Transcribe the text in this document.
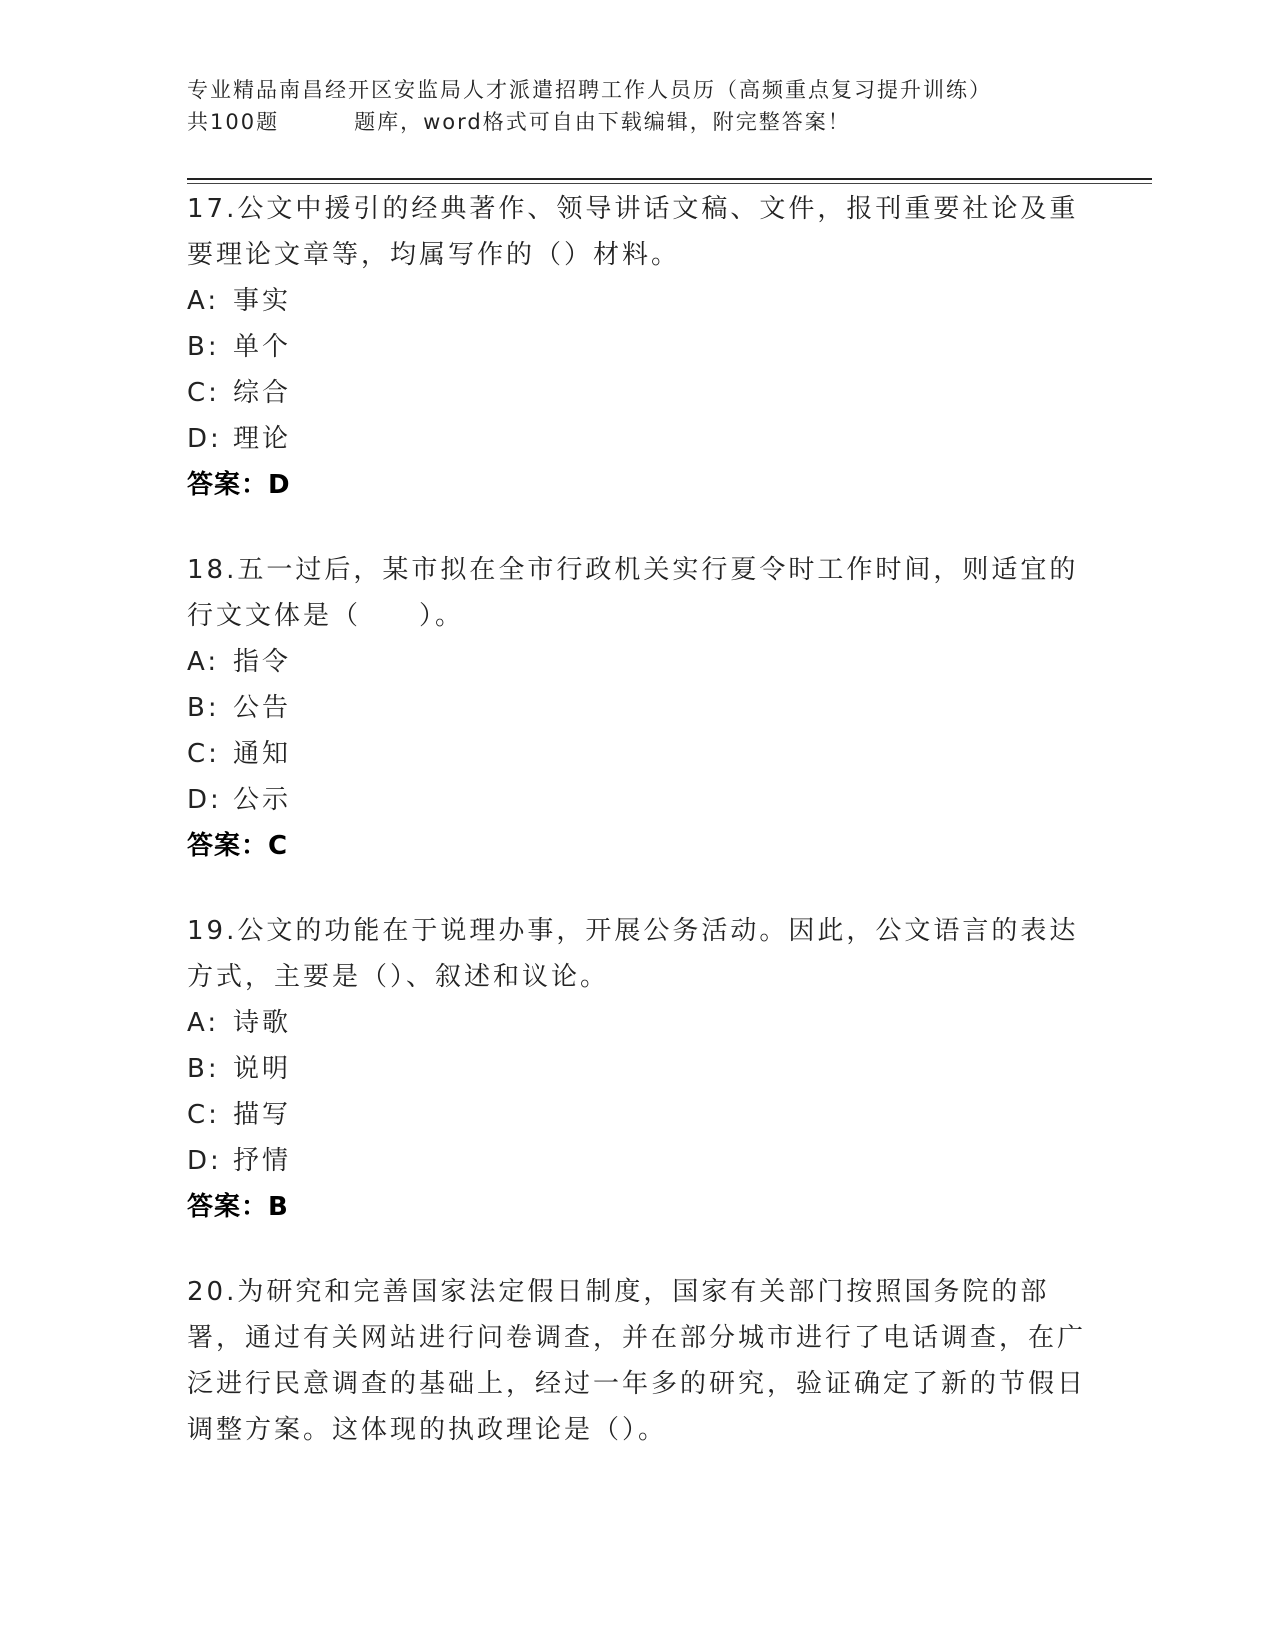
专业精品南昌经开区安监局人才派遣招聘工作人员历（高频重点复习提升训练）
共100题	题库，word格式可自由下载编辑，附完整答案！
17.公文中援引的经典著作、领导讲话文稿、文件，报刊重要社论及重要理论文章等，均属写作的（）材料。
A: 事实
B: 单个
C: 综合
D: 理论
答案：D
18.五一过后，某市拟在全市行政机关实行夏令时工作时间，则适宜的行文文体是（　　）。
A: 指令
B: 公告
C: 通知
D: 公示
答案：C
19.公文的功能在于说理办事，开展公务活动。因此，公文语言的表达方式，主要是（）、叙述和议论。
A: 诗歌
B: 说明
C: 描写
D: 抒情
答案：B
20.为研究和完善国家法定假日制度，国家有关部门按照国务院的部署，通过有关网站进行问卷调查，并在部分城市进行了电话调查，在广泛进行民意调查的基础上，经过一年多的研究，验证确定了新的节假日调整方案。这体现的执政理论是（）。
